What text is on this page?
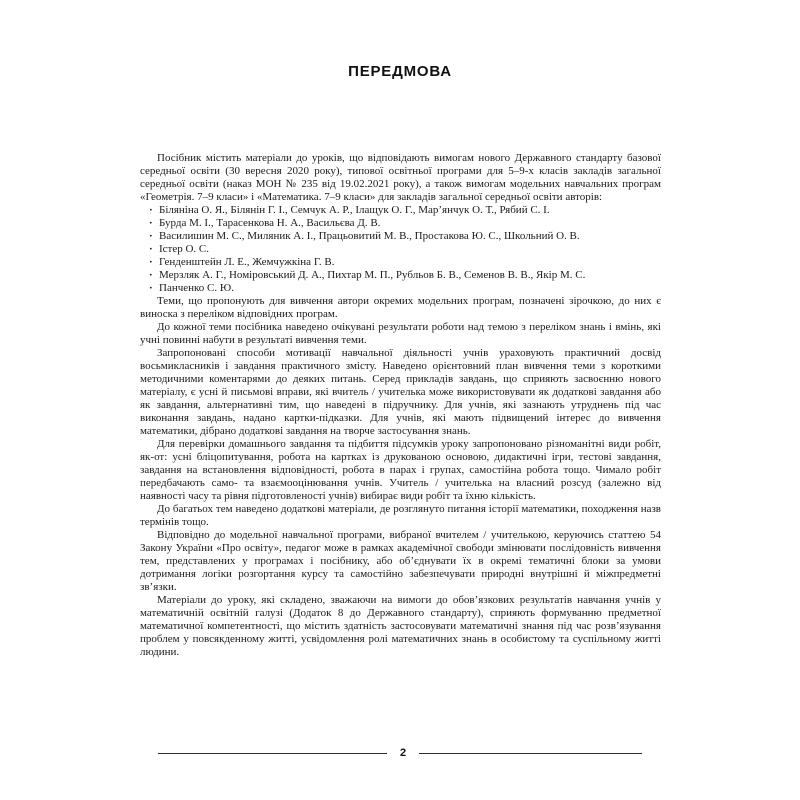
ПЕРЕДМОВА

Посібник містить матеріали до уроків, що відповідають вимогам нового Державного стандарту базової середньої освіти (30 вересня 2020 року), типової освітньої програми для 5–9-х класів закладів загальної середньої освіти (наказ МОН № 235 від 19.02.2021 року), а також вимогам модельних навчальних програм «Геометрія. 7–9 класи» і «Математика. 7–9 класи» для закладів загальної середньої освіти авторів:

· Біляніна О. Я., Білянін Г. І., Семчук А. Р., Ілащук О. Г., Мар’янчук О. Т., Рябий С. І.
· Бурда М. І., Тарасенкова Н. А., Васильєва Д. В.
· Василишин М. С., Миляник А. І., Працьовитий М. В., Простакова Ю. С., Школьний О. В.
· Істер О. С.
· Генденштейн Л. Е., Жемчужкіна Г. В.
· Мерзляк А. Г., Номіровський Д. А., Пихтар М. П., Рубльов Б. В., Семенов В. В., Якір М. С.
· Панченко С. Ю.

Теми, що пропонують для вивчення автори окремих модельних програм, позначені зірочкою, до них є виноска з переліком відповідних програм.

До кожної теми посібника наведено очікувані результати роботи над темою з переліком знань і вмінь, які учні повинні набути в результаті вивчення теми.

Запропоновані способи мотивації навчальної діяльності учнів ураховують практичний досвід восьмикласників і завдання практичного змісту. Наведено орієнтовний план вивчення теми з короткими методичними коментарями до деяких питань. Серед прикладів завдань, що сприяють засвоєнню нового матеріалу, є усні й письмові вправи, які вчитель / учителька може використовувати як додаткові завдання або як завдання, альтернативні тим, що наведені в підручнику. Для учнів, які зазнають утруднень під час виконання завдань, надано картки-підказки. Для учнів, які мають підвищений інтерес до вивчення математики, дібрано додаткові завдання на творче застосування знань.

Для перевірки домашнього завдання та підбиття підсумків уроку запропоновано різноманітні види робіт, як-от: усні бліцопитування, робота на картках із друкованою основою, дидактичні ігри, тестові завдання, завдання на встановлення відповідності, робота в парах і групах, самостійна робота тощо. Чимало робіт передбачають само- та взаємооцінювання учнів. Учитель / учителька на власний розсуд (залежно від наявності часу та рівня підготовленості учнів) вибирає види робіт та їхню кількість.

До багатьох тем наведено додаткові матеріали, де розглянуто питання історії математики, походження назв термінів тощо.

Відповідно до модельної навчальної програми, вибраної вчителем / учителькою, керуючись статтею 54 Закону України «Про освіту», педагог може в рамках академічної свободи змінювати послідовність вивчення тем, представлених у програмах і посібнику, або об’єднувати їх в окремі тематичні блоки за умови дотримання логіки розгортання курсу та самостійно забезпечувати природні внутрішні й міжпредметні зв’язки.

Матеріали до уроку, які складено, зважаючи на вимоги до обов’язкових результатів навчання учнів у математичній освітній галузі (Додаток 8 до Державного стандарту), сприяють формуванню предметної математичної компетентності, що містить здатність застосовувати математичні знання під час розв’язування проблем у повсякденному житті, усвідомлення ролі математичних знань в особистому та суспільному житті людини.

2
